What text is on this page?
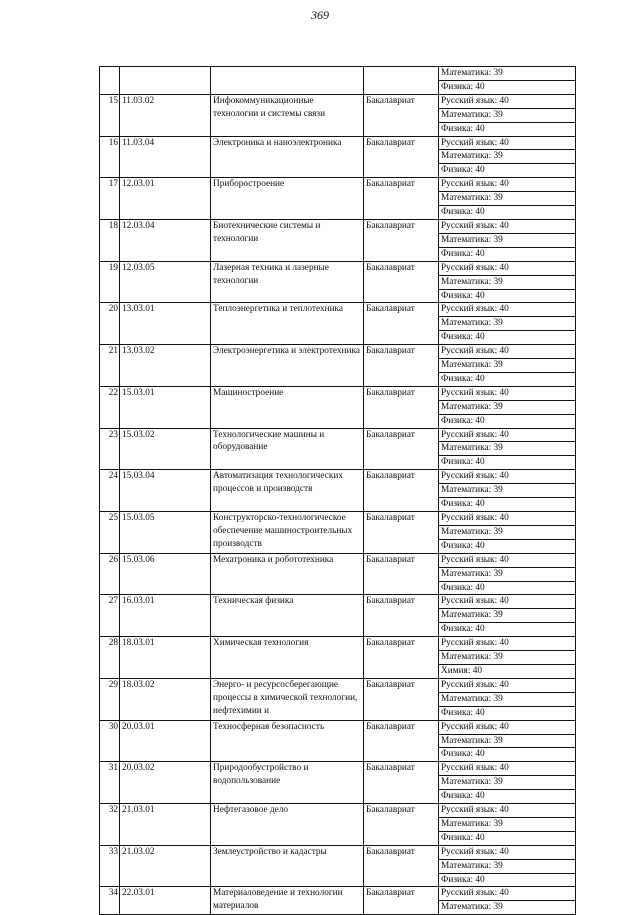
369
				Математика: 39
				Физика: 40
15	11.03.02	Инфокоммуникационные технологии и системы связи	Бакалавриат	Русский язык: 40
				Математика: 39
				Физика: 40
16	11.03.04	Электроника и наноэлектроника	Бакалавриат	Русский язык: 40
				Математика: 39
				Физика: 40
17	12.03.01	Приборостроение	Бакалавриат	Русский язык: 40
				Математика: 39
				Физика: 40
18	12.03.04	Биотехнические системы и технологии	Бакалавриат	Русский язык: 40
				Математика: 39
				Физика: 40
19	12.03.05	Лазерная техника и лазерные технологии	Бакалавриат	Русский язык: 40
				Математика: 39
				Физика: 40
20	13.03.01	Теплоэнергетика и теплотехника	Бакалавриат	Русский язык: 40
				Математика: 39
				Физика: 40
21	13.03.02	Электроэнергетика и электротехника	Бакалавриат	Русский язык: 40
				Математика: 39
				Физика: 40
22	15.03.01	Машиностроение	Бакалавриат	Русский язык: 40
				Математика: 39
				Физика: 40
23	15.03.02	Технологические машины и оборудование	Бакалавриат	Русский язык: 40
				Математика: 39
				Физика: 40
24	15.03.04	Автоматизация технологических процессов и производств	Бакалавриат	Русский язык: 40
				Математика: 39
				Физика: 40
25	15.03.05	Конструкторско-технологическое обеспечение машиностроительных производств	Бакалавриат	Русский язык: 40
				Математика: 39
				Физика: 40
26	15.03.06	Мехатроника и робототехника	Бакалавриат	Русский язык: 40
				Математика: 39
				Физика: 40
27	16.03.01	Техническая физика	Бакалавриат	Русский язык: 40
				Математика: 39
				Физика: 40
28	18.03.01	Химическая технология	Бакалавриат	Русский язык: 40
				Математика: 39
				Химия: 40
29	18.03.02	Энерго- и ресурсосберегающие процессы в химической технологии, нефтехимии и	Бакалавриат	Русский язык: 40
				Математика: 39
				Физика: 40
30	20.03.01	Техносферная безопасность	Бакалавриат	Русский язык: 40
				Математика: 39
				Физика: 40
31	20.03.02	Природообустройство и водопользование	Бакалавриат	Русский язык: 40
				Математика: 39
				Физика: 40
32	21.03.01	Нефтегазовое дело	Бакалавриат	Русский язык: 40
				Математика: 39
				Физика: 40
33	21.03.02	Землеустройство и кадастры	Бакалавриат	Русский язык: 40
				Математика: 39
				Физика: 40
34	22.03.01	Материаловедение и технологии материалов	Бакалавриат	Русский язык: 40
				Математика: 39
